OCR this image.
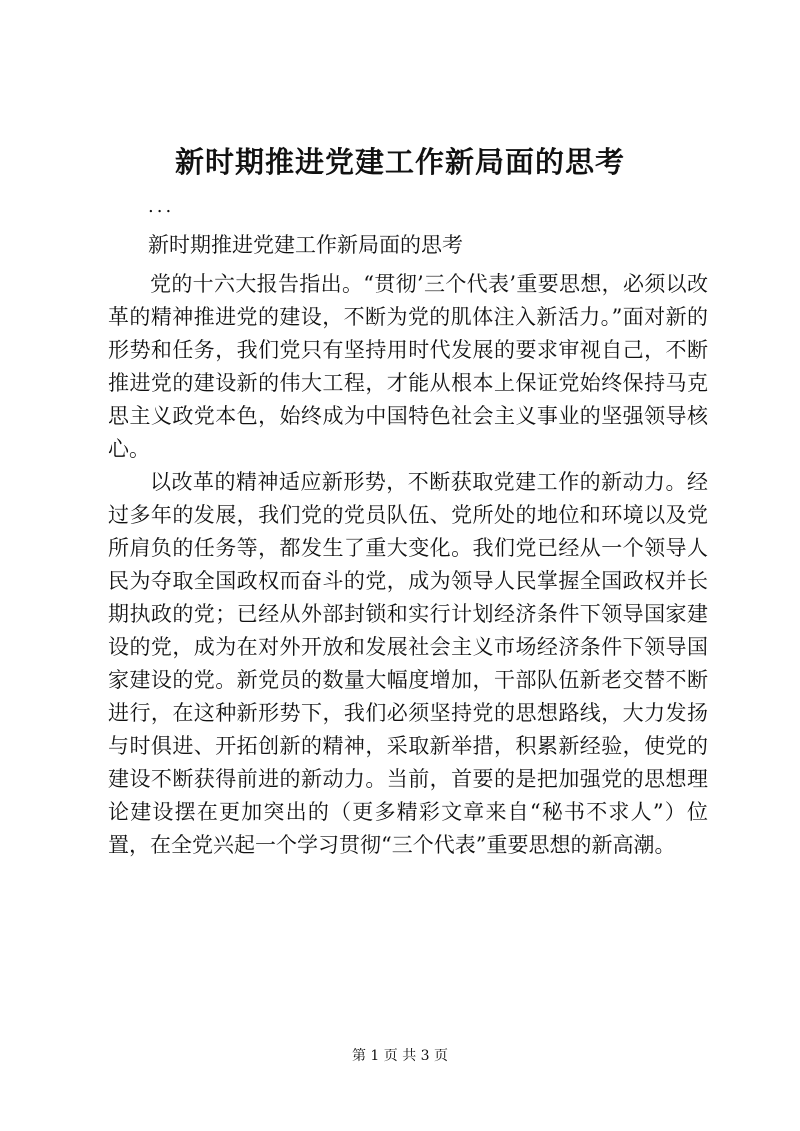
新时期推进党建工作新局面的思考
...
新时期推进党建工作新局面的思考

党的十六大报告指出。“贯彻’三个代表’重要思想，必须以改革的精神推进党的建设，不断为党的肌体注入新活力。”面对新的形势和任务，我们党只有坚持用时代发展的要求审视自己，不断推进党的建设新的伟大工程，才能从根本上保证党始终保持马克思主义政党本色，始终成为中国特色社会主义事业的坚强领导核心。

以改革的精神适应新形势，不断获取党建工作的新动力。经过多年的发展，我们党的党员队伍、党所处的地位和环境以及党所肩负的任务等，都发生了重大变化。我们党已经从一个领导人民为夺取全国政权而奋斗的党，成为领导人民掌握全国政权并长期执政的党；已经从外部封锁和实行计划经济条件下领导国家建设的党，成为在对外开放和发展社会主义市场经济条件下领导国家建设的党。新党员的数量大幅度增加，干部队伍新老交替不断进行，在这种新形势下，我们必须坚持党的思想路线，大力发扬与时俱进、开拓创新的精神，采取新举措，积累新经验，使党的建设不断获得前进的新动力。当前，首要的是把加强党的思想理论建设摆在更加突出的（更多精彩文章来自“秘书不求人”）位置，在全党兴起一个学习贯彻“三个代表”重要思想的新高潮。

第 1 页 共 3 页
